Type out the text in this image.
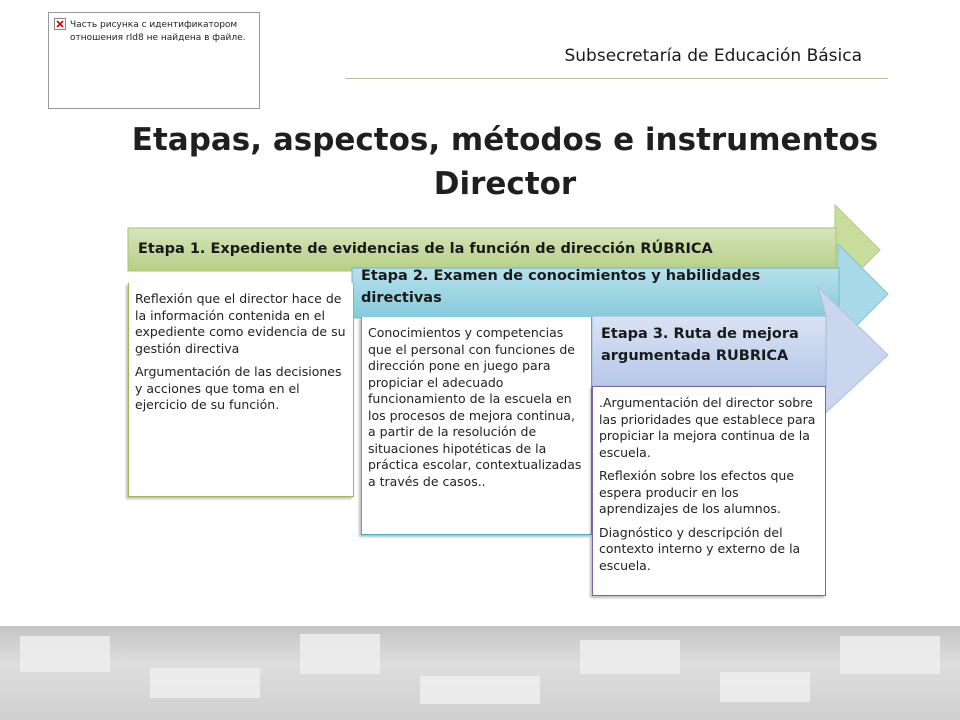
Часть рисунка с идентификатором отношения rId8 не найдена в файле.
Subsecretaría de Educación Básica
Etapas, aspectos, métodos e instrumentos Director
Etapa 1. Expediente de evidencias de la función de dirección RÚBRICA
Etapa 2. Examen de conocimientos y habilidades directivas
Etapa 3. Ruta de mejora argumentada RUBRICA

Reflexión que el director hace de la información contenida en el expediente como evidencia de su gestión directiva

Argumentación de las decisiones y acciones que toma en el ejercicio de su función.

Conocimientos y competencias que el personal con funciones de dirección pone en juego para propiciar el adecuado funcionamiento de la escuela en los procesos de mejora continua, a partir de la resolución de situaciones hipotéticas de la práctica escolar, contextualizadas a través de casos..

.Argumentación del director sobre las prioridades que establece para propiciar la mejora continua de la escuela.

Reflexión sobre los efectos que espera producir en los aprendizajes de los alumnos.

Diagnóstico y descripción del contexto interno y externo de la escuela.
